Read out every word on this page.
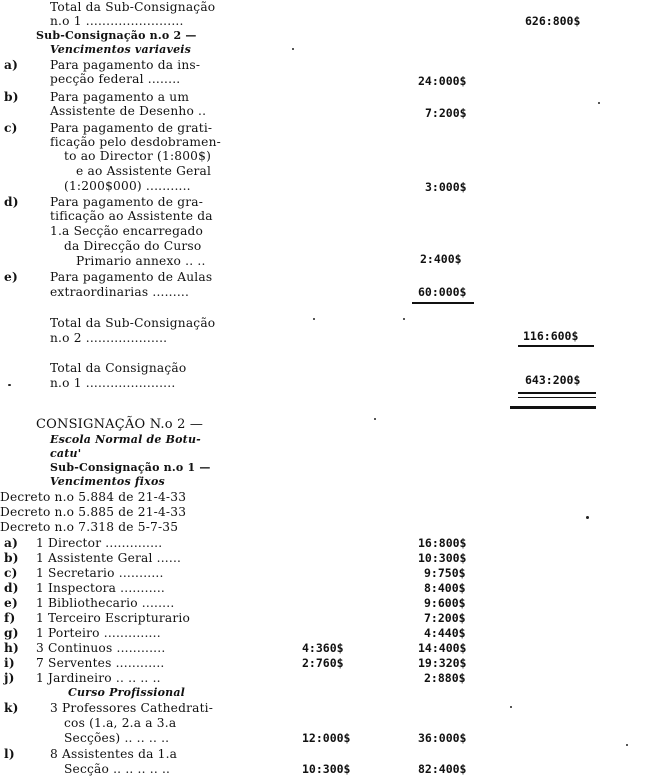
Total da Sub-Consignação
n.o 1 ........................	626:800$
Sub-Consignação n.o 2 —
Vencimentos variaveis
a)	Para pagamento da ins-
pecção federal ........	24:000$
b)	Para pagamento a um
Assistente de Desenho ..	7:200$
c)	Para pagamento de grati-
ficação pelo desdobramen-
to ao Director (1:800$)
e ao Assistente Geral
(1:200$000) ...........	3:000$
d)	Para pagamento de gra-
tificação ao Assistente da
1.a Secção encarregado
da Direcção do Curso
Primario annexo .. ..	2:400$
e)	Para pagamento de Aulas
extraordinarias .........	60:000$
Total da Sub-Consignação
n.o 2 ....................	116:600$
Total da Consignação
n.o 1 ......................	643:200$
CONSIGNAÇÃO N.o 2 —
Escola Normal de Botu-
catu'
Sub-Consignação n.o 1 —
Vencimentos fixos
Decreto n.o 5.884 de 21-4-33
Decreto n.o 5.885 de 21-4-33
Decreto n.o 7.318 de 5-7-35
a) 1 Director ..............	16:800$
b) 1 Assistente Geral ......	10:300$
c) 1 Secretario ...........	9:750$
d) 1 Inspectora ...........	8:400$
e) 1 Bibliothecario ........	9:600$
f) 1 Terceiro Escripturario	7:200$
g) 1 Porteiro ..............	4:440$
h) 3 Continuos ............	4:360$	14:400$
i) 7 Serventes ............	2:760$	19:320$
j) 1 Jardineiro .. .. .. ..	2:880$
Curso Profissional
k)	3 Professores Cathedrati-
cos (1.a, 2.a a 3.a
Secções) .. .. .. ..	12:000$	36:000$
l)	8 Assistentes da 1.a
Secção .. .. .. .. ..	10:300$	82:400$
